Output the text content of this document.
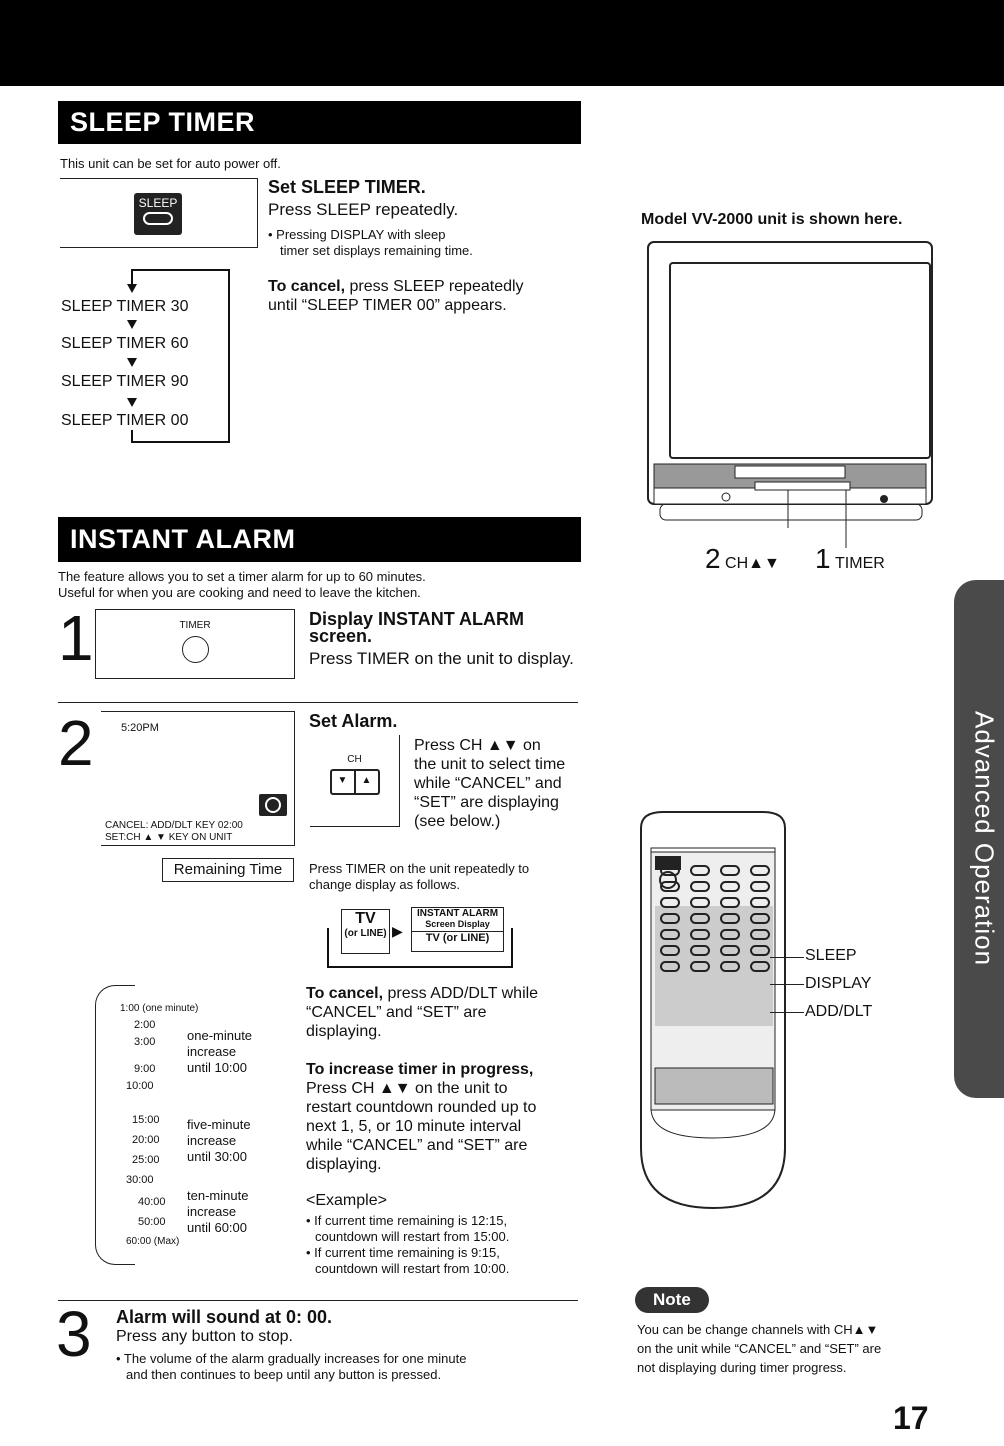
SLEEP TIMER
This unit can be set for auto power off.
SLEEP
Set SLEEP TIMER.
Press SLEEP repeatedly.
• Pressing DISPLAY with sleep
timer set displays remaining time.
To cancel, press SLEEP repeatedly
until “SLEEP TIMER 00” appears.
SLEEP TIMER 30
SLEEP TIMER 60
SLEEP TIMER 90
SLEEP TIMER 00
Model VV-2000 unit is shown here.
2 CH▲▼ 1 TIMER
INSTANT ALARM
The feature allows you to set a timer alarm for up to 60 minutes.
Useful for when you are cooking and need to leave the kitchen.
1	TIMER	Display INSTANT ALARM
screen.
Press TIMER on the unit to display.
2 5:20PM
CANCEL: ADD/DLT KEY 02:00
SET:CH ▲ ▼ KEY ON UNIT
Remaining Time
Set Alarm.
CH
▼	▲
Press CH ▲▼ on
the unit to select time
while “CANCEL” and
“SET” are displaying
(see below.)
Press TIMER on the unit repeatedly to
change display as follows.
TV
(or LINE) ▶
INSTANT ALARM
Screen Display
TV (or LINE)
1:00 (one minute)
2:00
3:00
9:00
10:00
one-minute
increase
until 10:00
15:00
20:00
25:00
30:00
five-minute
increase
until 30:00
40:00
50:00
60:00 (Max)
ten-minute
increase
until 60:00
To cancel, press ADD/DLT while
“CANCEL” and “SET” are
displaying.
To increase timer in progress,
Press CH ▲▼ on the unit to
restart countdown rounded up to
next 1, 5, or 10 minute interval
while “CANCEL” and “SET” are
displaying.
<Example>
• If current time remaining is 12:15,
countdown will restart from 15:00.
• If current time remaining is 9:15,
countdown will restart from 10:00.
3 Alarm will sound at 0: 00.
Press any button to stop.
• The volume of the alarm gradually increases for one minute
and then continues to beep until any button is pressed.
SLEEP
DISPLAY
ADD/DLT
Advanced Operation
Note
You can be change channels with CH▲▼
on the unit while “CANCEL” and “SET” are
not displaying during timer progress.
17
